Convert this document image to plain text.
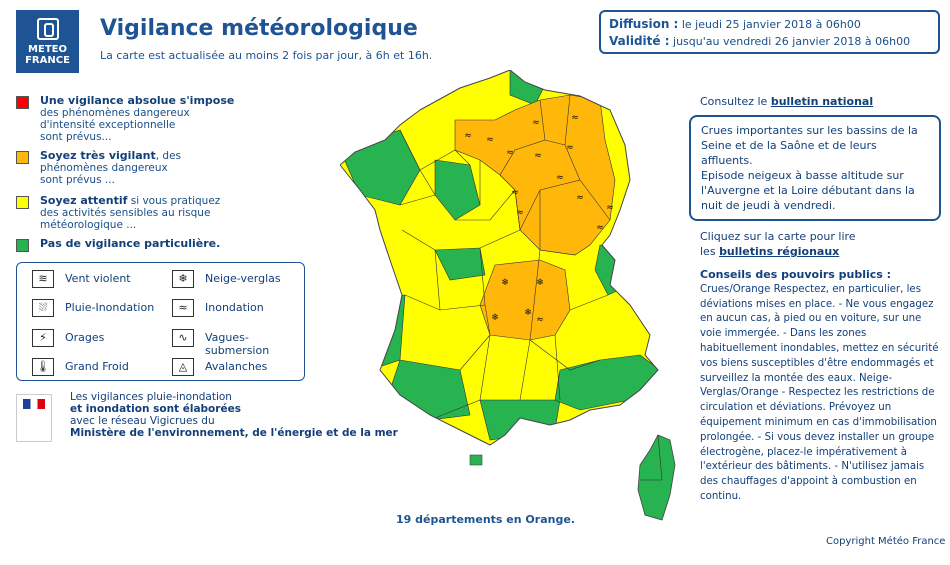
METEO
FRANCE
Vigilance météorologique
La carte est actualisée au moins 2 fois par jour, à 6h et 16h.
Diffusion : le jeudi 25 janvier 2018 à 06h00
Validité : jusqu'au vendredi 26 janvier 2018 à 06h00
Une vigilance absolue s'impose
des phénomènes dangereux
d'intensité exceptionnelle
sont prévus...
Soyez très vigilant, des
phénomènes dangereux
sont prévus ...
Soyez attentif si vous pratiquez
des activités sensibles au risque
météorologique ...
Pas de vigilance particulière.
≋	Vent violent	❄	Neige-verglas
⛆	Pluie-Inondation	≈	Inondation
⚡	Orages	∿	Vagues-submersion
🌡	Grand Froid	◬	Avalanches
Les vigilances pluie-inondation
et inondation sont élaborées
avec le réseau Vigicrues du
Ministère de l'environnement, de l'énergie et de la mer
≈ ≈
≈
≈	≈
≈
≈
≈
≈	≈
≈
≈
≈
❄	❄
❄	❄
≈
19 départements en Orange.
Consultez le bulletin national
Crues importantes sur les bassins de la Seine et de la Saône et de leurs affluents.
Episode neigeux à basse altitude sur l'Auvergne et la Loire débutant dans la nuit de jeudi à vendredi.
Cliquez sur la carte pour lire
les bulletins régionaux
Conseils des pouvoirs publics :
Crues/Orange Respectez, en particulier, les déviations mises en place. - Ne vous engagez en aucun cas, à pied ou en voiture, sur une voie immergée. - Dans les zones habituellement inondables, mettez en sécurité vos biens susceptibles d'être endommagés et surveillez la montée des eaux. Neige-Verglas/Orange - Respectez les restrictions de circulation et déviations. Prévoyez un équipement minimum en cas d'immobilisation prolongée. - Si vous devez installer un groupe électrogène, placez-le impérativement à l'extérieur des bâtiments. - N'utilisez jamais des chauffages d'appoint à combustion en continu.
Copyright Météo France
